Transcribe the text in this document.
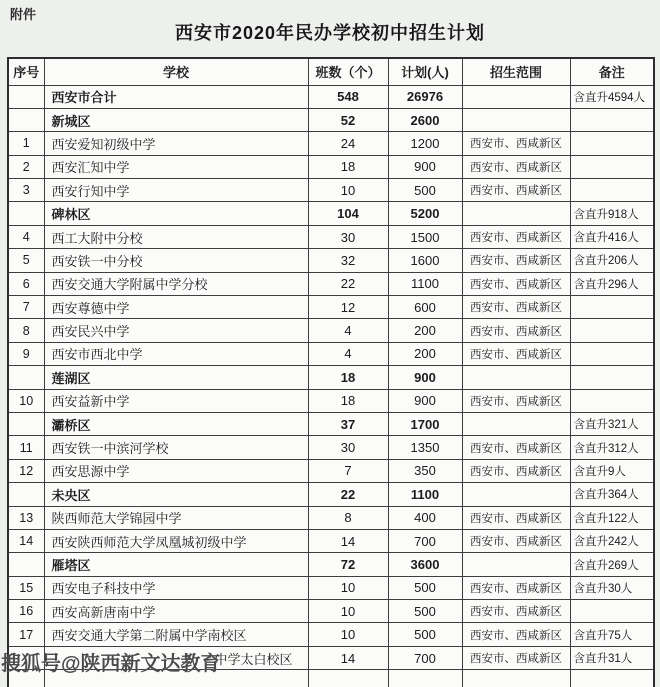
附件
西安市2020年民办学校初中招生计划
序号	学校	班数（个）	计划(人)	招生范围	备注
	西安市合计	548	26976		含直升4594人
	新城区	52	2600		
1	西安爱知初级中学	24	1200	西安市、西咸新区	
2	西安汇知中学	18	900	西安市、西咸新区	
3	西安行知中学	10	500	西安市、西咸新区	
	碑林区	104	5200		含直升918人
4	西工大附中分校	30	1500	西安市、西咸新区	含直升416人
5	西安铁一中分校	32	1600	西安市、西咸新区	含直升206人
6	西安交通大学附属中学分校	22	1100	西安市、西咸新区	含直升296人
7	西安尊德中学	12	600	西安市、西咸新区	
8	西安民兴中学	4	200	西安市、西咸新区	
9	西安市西北中学	4	200	西安市、西咸新区	
	莲湖区	18	900		
10	西安益新中学	18	900	西安市、西咸新区	
	灞桥区	37	1700		含直升321人
11	西安铁一中滨河学校	30	1350	西安市、西咸新区	含直升312人
12	西安思源中学	7	350	西安市、西咸新区	含直升9人
	未央区	22	1100		含直升364人
13	陕西师范大学锦园中学	8	400	西安市、西咸新区	含直升122人
14	西安陕西师范大学凤凰城初级中学	14	700	西安市、西咸新区	含直升242人
	雁塔区	72	3600		含直升269人
15	西安电子科技中学	10	500	西安市、西咸新区	含直升30人
16	西安高新唐南中学	10	500	西安市、西咸新区	
17	西安交通大学第二附属中学南校区	10	500	西安市、西咸新区	含直升75人
	中学太白校区	14	700	西安市、西咸新区	含直升31人

搜狐号@陕西新文达教育
